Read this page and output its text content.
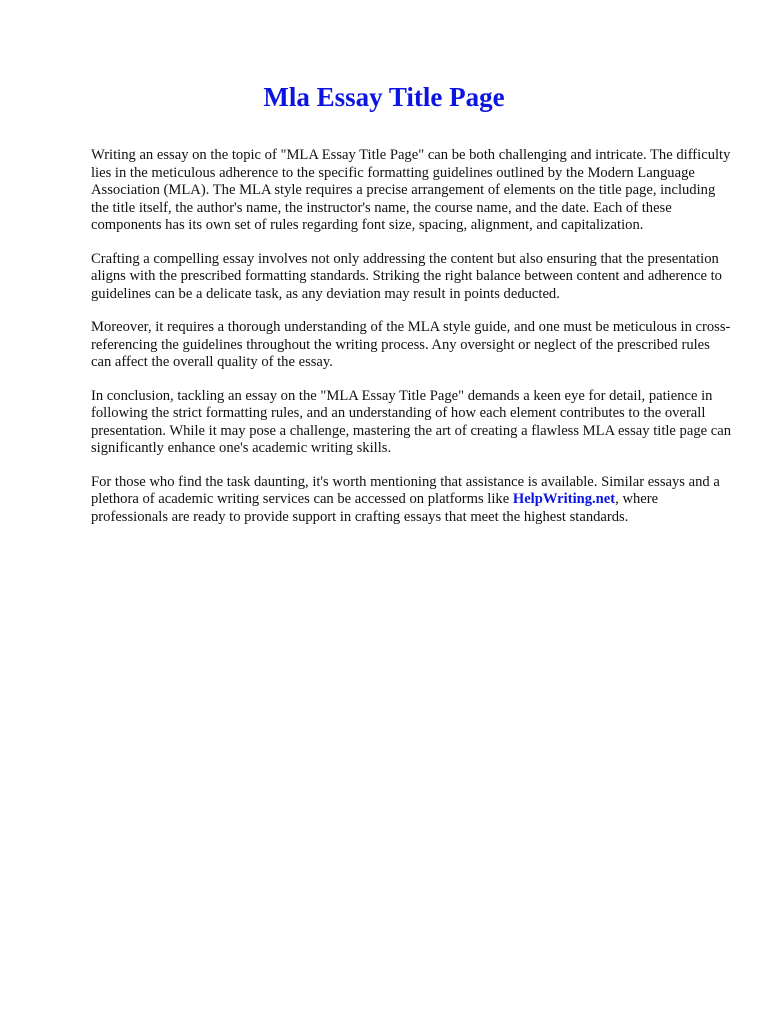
Mla Essay Title Page

Writing an essay on the topic of "MLA Essay Title Page" can be both challenging and intricate. The difficulty lies in the meticulous adherence to the specific formatting guidelines outlined by the Modern Language Association (MLA). The MLA style requires a precise arrangement of elements on the title page, including the title itself, the author's name, the instructor's name, the course name, and the date. Each of these components has its own set of rules regarding font size, spacing, alignment, and capitalization.

Crafting a compelling essay involves not only addressing the content but also ensuring that the presentation aligns with the prescribed formatting standards. Striking the right balance between content and adherence to guidelines can be a delicate task, as any deviation may result in points deducted.

Moreover, it requires a thorough understanding of the MLA style guide, and one must be meticulous in cross-referencing the guidelines throughout the writing process. Any oversight or neglect of the prescribed rules can affect the overall quality of the essay.

In conclusion, tackling an essay on the "MLA Essay Title Page" demands a keen eye for detail, patience in following the strict formatting rules, and an understanding of how each element contributes to the overall presentation. While it may pose a challenge, mastering the art of creating a flawless MLA essay title page can significantly enhance one's academic writing skills.

For those who find the task daunting, it's worth mentioning that assistance is available. Similar essays and a plethora of academic writing services can be accessed on platforms like HelpWriting.net, where professionals are ready to provide support in crafting essays that meet the highest standards.
